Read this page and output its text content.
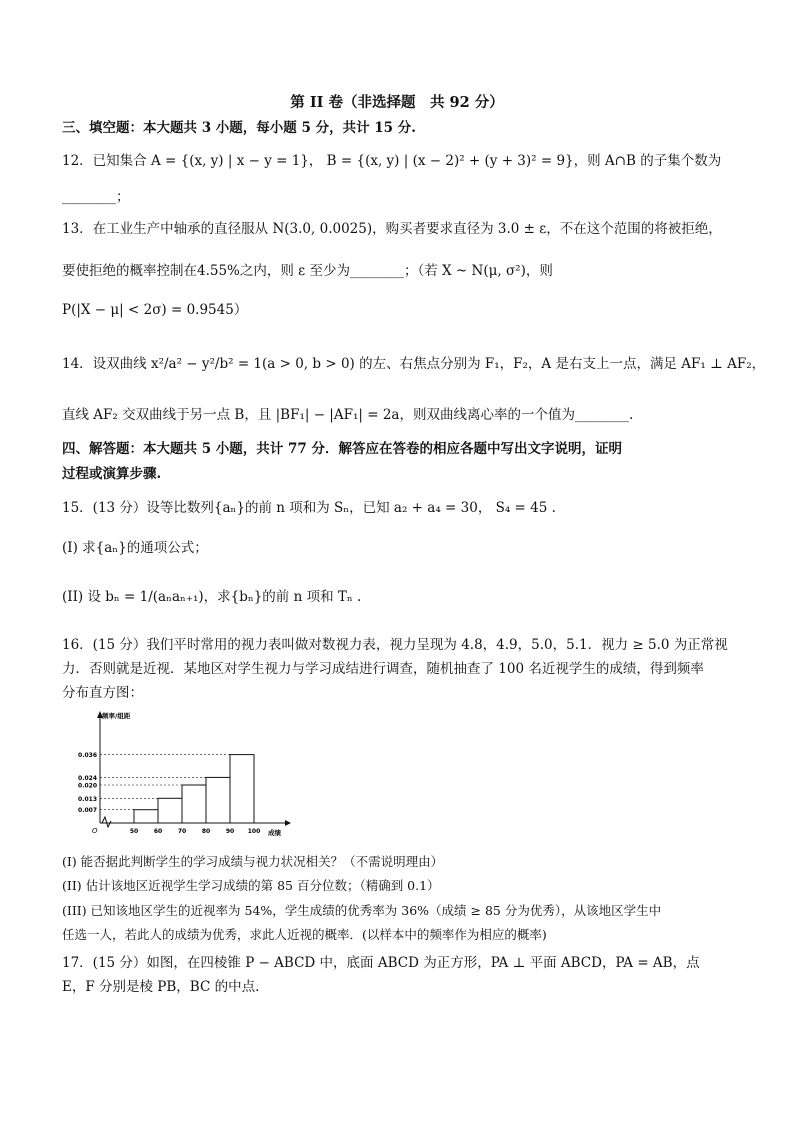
第 II 卷（非选择题　共 92 分）
三、填空题：本大题共 3 小题，每小题 5 分，共计 15 分.
12．已知集合 A = {(x, y) | x − y = 1}， B = {(x, y) | (x − 2)² + (y + 3)² = 9}，则 A∩B 的子集个数为
________；
13．在工业生产中轴承的直径服从 N(3.0, 0.0025)，购买者要求直径为 3.0 ± ε，不在这个范围的将被拒绝，
要使拒绝的概率控制在4.55%之内，则 ε 至少为________；（若 X ~ N(μ, σ²)，则
P(|X − μ| < 2σ) = 0.9545）
14．设双曲线 x²/a² − y²/b² = 1(a > 0, b > 0) 的左、右焦点分别为 F₁，F₂，A 是右支上一点，满足 AF₁ ⊥ AF₂，
直线 AF₂ 交双曲线于另一点 B，且 |BF₁| − |AF₁| = 2a，则双曲线离心率的一个值为________.
四、解答题：本大题共 5 小题，共计 77 分．解答应在答卷的相应各题中写出文字说明，证明
过程或演算步骤.
15．(13 分）设等比数列{aₙ}的前 n 项和为 Sₙ，已知 a₂ + a₄ = 30， S₄ = 45 .
(I) 求{aₙ}的通项公式；
(II) 设 bₙ = 1/(aₙaₙ₊₁)，求{bₙ}的前 n 项和 Tₙ .
16．(15 分）我们平时常用的视力表叫做对数视力表，视力呈现为 4.8，4.9，5.0，5.1．视力 ≥ 5.0 为正常视
力．否则就是近视．某地区对学生视力与学习成结进行调查，随机抽查了 100 名近视学生的成绩，得到频率
分布直方图：
0.036
0.024
0.020
0.013
0.007
50	60	70	80	90 100
O
频率/组距
成绩
(I) 能否据此判断学生的学习成绩与视力状况相关？（不需说明理由）
(II) 估计该地区近视学生学习成绩的第 85 百分位数；（精确到 0.1）
(III) 已知该地区学生的近视率为 54%，学生成绩的优秀率为 36%（成绩 ≥ 85 分为优秀），从该地区学生中
任选一人，若此人的成绩为优秀，求此人近视的概率．(以样本中的频率作为相应的概率)
17．(15 分）如图，在四棱锥 P − ABCD 中，底面 ABCD 为正方形，PA ⊥ 平面 ABCD，PA = AB，点
E，F 分别是棱 PB，BC 的中点.
